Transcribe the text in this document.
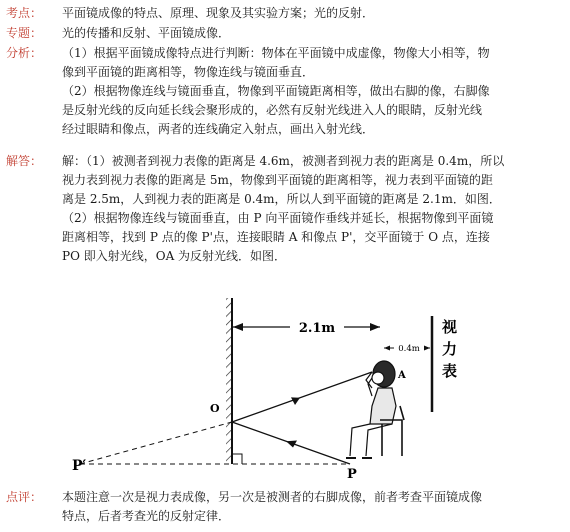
考点： 平面镜成像的特点、原理、现象及其实验方案；光的反射．
专题： 光的传播和反射、平面镜成像．
分析： （1）根据平面镜成像特点进行判断：物体在平面镜中成虚像，物像大小相等，物
像到平面镜的距离相等，物像连线与镜面垂直．
（2）根据物像连线与镜面垂直，物像到平面镜距离相等，做出右脚的像，右脚像
是反射光线的反向延长线会聚形成的，必然有反射光线进入人的眼睛，反射光线
经过眼睛和像点，两者的连线确定入射点，画出入射光线．
解答： 解：（1）被测者到视力表像的距离是 4.6m，被测者到视力表的距离是 0.4m，所以
视力表到视力表像的距离是 5m，物像到平面镜的距离相等，视力表到平面镜的距
离是 2.5m，人到视力表的距离是 0.4m，所以人到平面镜的距离是 2.1m．如图．
（2）根据物像连线与镜面垂直，由 P 向平面镜作垂线并延长，根据物像到平面镜
距离相等，找到 P 点的像 P'点，连接眼睛 A 和像点 P'，交平面镜于 O 点，连接
PO 即入射光线，OA 为反射光线．如图．
2.1m
0.4m
视 力 表
O
A
P
P′
点评： 本题注意一次是视力表成像，另一次是被测者的右脚成像，前者考查平面镜成像
特点，后者考查光的反射定律．
